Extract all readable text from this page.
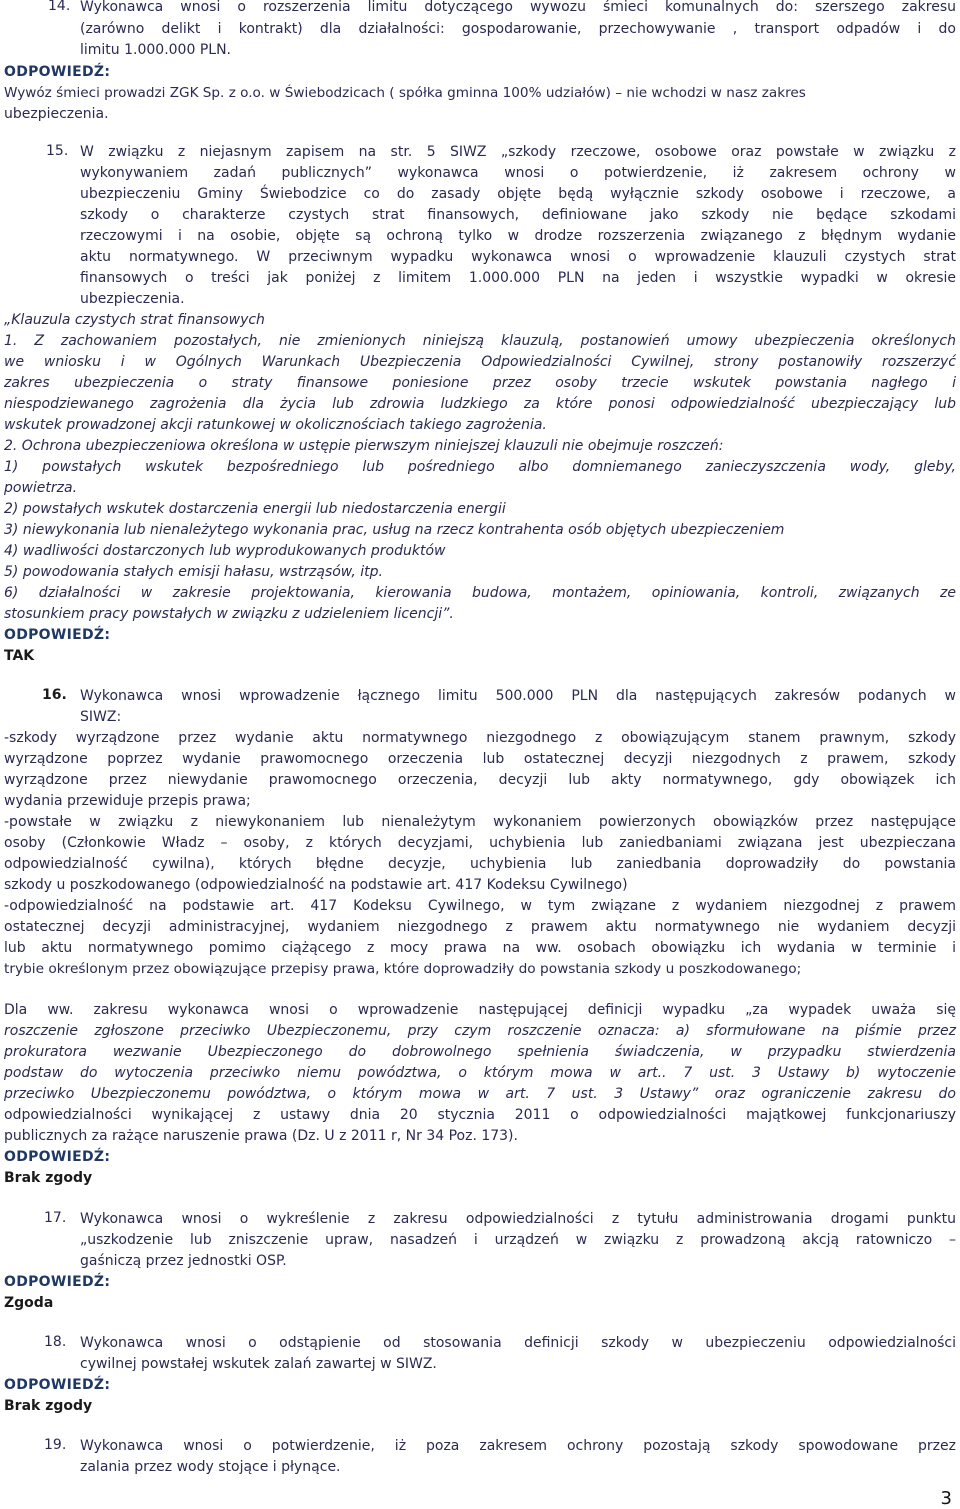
14. Wykonawca wnosi o rozszerzenia limitu dotyczącego wywozu śmieci komunalnych do: szerszego zakresu
(zarówno delikt i kontrakt) dla działalności: gospodarowanie, przechowywanie , transport odpadów i do
limitu 1.000.000 PLN.
ODPOWIEDŹ:
Wywóz śmieci prowadzi ZGK Sp. z o.o. w Świebodzicach ( spółka gminna 100% udziałów) – nie wchodzi w nasz zakres
ubezpieczenia.
15. W związku z niejasnym zapisem na str. 5 SIWZ „szkody rzeczowe, osobowe oraz powstałe w związku z
wykonywaniem zadań publicznych” wykonawca wnosi o potwierdzenie, iż zakresem ochrony w
ubezpieczeniu Gminy Świebodzice co do zasady objęte będą wyłącznie szkody osobowe i rzeczowe, a
szkody o charakterze czystych strat finansowych, definiowane jako szkody nie będące szkodami
rzeczowymi i na osobie, objęte są ochroną tylko w drodze rozszerzenia związanego z błędnym wydanie
aktu normatywnego. W przeciwnym wypadku wykonawca wnosi o wprowadzenie klauzuli czystych strat
finansowych o treści jak poniżej z limitem 1.000.000 PLN na jeden i wszystkie wypadki w okresie
ubezpieczenia.
„Klauzula czystych strat finansowych
1. Z zachowaniem pozostałych, nie zmienionych niniejszą klauzulą, postanowień umowy ubezpieczenia określonych
we wniosku i w Ogólnych Warunkach Ubezpieczenia Odpowiedzialności Cywilnej, strony postanowiły rozszerzyć
zakres ubezpieczenia o straty finansowe poniesione przez osoby trzecie wskutek powstania nagłego i
niespodziewanego zagrożenia dla życia lub zdrowia ludzkiego za które ponosi odpowiedzialność ubezpieczający lub
wskutek prowadzonej akcji ratunkowej w okolicznościach takiego zagrożenia.
2. Ochrona ubezpieczeniowa określona w ustępie pierwszym niniejszej klauzuli nie obejmuje roszczeń:
1) powstałych wskutek bezpośredniego lub pośredniego albo domniemanego zanieczyszczenia wody, gleby,
powietrza.
2) powstałych wskutek dostarczenia energii lub niedostarczenia energii
3) niewykonania lub nienależytego wykonania prac, usług na rzecz kontrahenta osób objętych ubezpieczeniem
4) wadliwości dostarczonych lub wyprodukowanych produktów
5) powodowania stałych emisji hałasu, wstrząsów, itp.
6) działalności w zakresie projektowania, kierowania budowa, montażem, opiniowania, kontroli, związanych ze
stosunkiem pracy powstałych w związku z udzieleniem licencji”.
ODPOWIEDŹ:
TAK
16. Wykonawca wnosi wprowadzenie łącznego limitu 500.000 PLN dla następujących zakresów podanych w
SIWZ:
-szkody wyrządzone przez wydanie aktu normatywnego niezgodnego z obowiązującym stanem prawnym, szkody
wyrządzone poprzez wydanie prawomocnego orzeczenia lub ostatecznej decyzji niezgodnych z prawem, szkody
wyrządzone przez niewydanie prawomocnego orzeczenia, decyzji lub akty normatywnego, gdy obowiązek ich
wydania przewiduje przepis prawa;
-powstałe w związku z niewykonaniem lub nienależytym wykonaniem powierzonych obowiązków przez następujące
osoby (Członkowie Władz – osoby, z których decyzjami, uchybienia lub zaniedbaniami związana jest ubezpieczana
odpowiedzialność cywilna), których błędne decyzje, uchybienia lub zaniedbania doprowadziły do powstania
szkody u poszkodowanego (odpowiedzialność na podstawie art. 417 Kodeksu Cywilnego)
-odpowiedzialność na podstawie art. 417 Kodeksu Cywilnego, w tym związane z wydaniem niezgodnej z prawem
ostatecznej decyzji administracyjnej, wydaniem niezgodnego z prawem aktu normatywnego nie wydaniem decyzji
lub aktu normatywnego pomimo ciążącego z mocy prawa na ww. osobach obowiązku ich wydania w terminie i
trybie określonym przez obowiązujące przepisy prawa, które doprowadziły do powstania szkody u poszkodowanego;
Dla ww. zakresu wykonawca wnosi o wprowadzenie następującej definicji wypadku „za wypadek uważa się
roszczenie zgłoszone przeciwko Ubezpieczonemu, przy czym roszczenie oznacza: a) sformułowane na piśmie przez
prokuratora wezwanie Ubezpieczonego do dobrowolnego spełnienia świadczenia, w przypadku stwierdzenia
podstaw do wytoczenia przeciwko niemu powództwa, o którym mowa w art.. 7 ust. 3 Ustawy b) wytoczenie
przeciwko Ubezpieczonemu powództwa, o którym mowa w art. 7 ust. 3 Ustawy” oraz ograniczenie zakresu do
odpowiedzialności wynikającej z ustawy dnia 20 stycznia 2011 o odpowiedzialności majątkowej funkcjonariuszy
publicznych za rażące naruszenie prawa (Dz. U z 2011 r, Nr 34 Poz. 173).
ODPOWIEDŹ:
Brak zgody
17. Wykonawca wnosi o wykreślenie z zakresu odpowiedzialności z tytułu administrowania drogami punktu
„uszkodzenie lub zniszczenie upraw, nasadzeń i urządzeń w związku z prowadzoną akcją ratowniczo –
gaśniczą przez jednostki OSP.
ODPOWIEDŹ:
Zgoda
18. Wykonawca wnosi o odstąpienie od stosowania definicji szkody w ubezpieczeniu odpowiedzialności
cywilnej powstałej wskutek zalań zawartej w SIWZ.
ODPOWIEDŹ:
Brak zgody
19. Wykonawca wnosi o potwierdzenie, iż poza zakresem ochrony pozostają szkody spowodowane przez
zalania przez wody stojące i płynące.
3
